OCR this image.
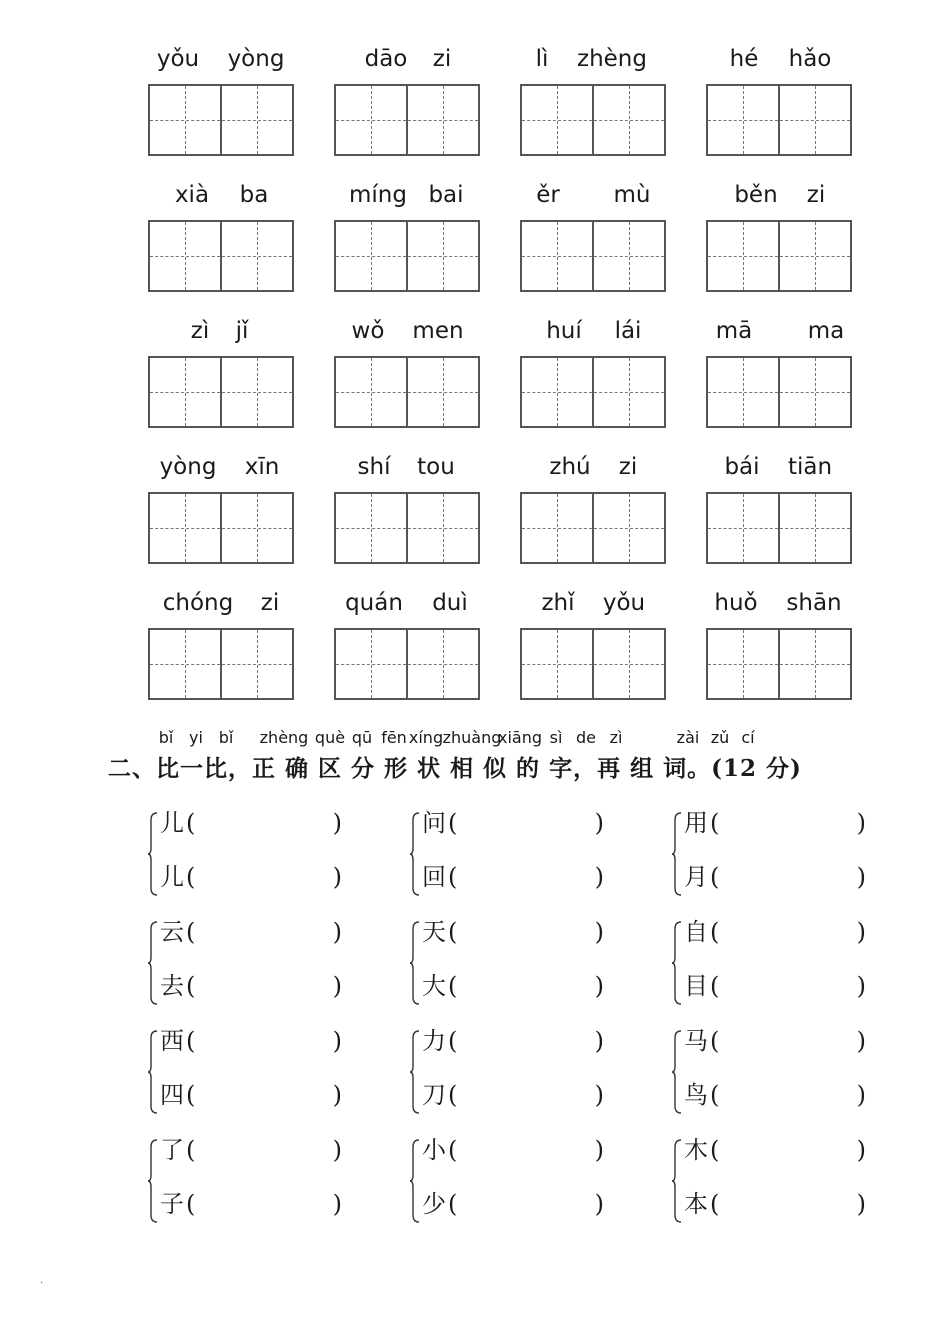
yǒu yòng	dāo zi	lì zhèng	hé hǎo
xià ba	míng bai	ěr mù	běn zi
zì jǐ	wǒ men	huí lái	mā ma
yòng xīn	shí tou	zhú zi	bái tiān
chóng zi	quán duì	zhǐ yǒu	huǒ shān
bǐ yi bǐ zhèng què qū fēn xíng zhuàng
xiāng sì de zì	zài zǔ cí
二、比一比，正 确 区 分 形 状 相 似 的 字，再 组 词。(12 分)
儿 (	)
儿 (	)
问 (	)
回 (	)
用 (	)
月 (	)
云 (	)
去 (	)
天 (	)
大 (	)
自 (	)
目 (	)
西 (	)
四 (	)
力 (	)
刀 (	)
马 (	)
鸟 (	)
了 (	)
子 (	)
小 (	)
少 (	)
木 (	)
本 (	)
·
